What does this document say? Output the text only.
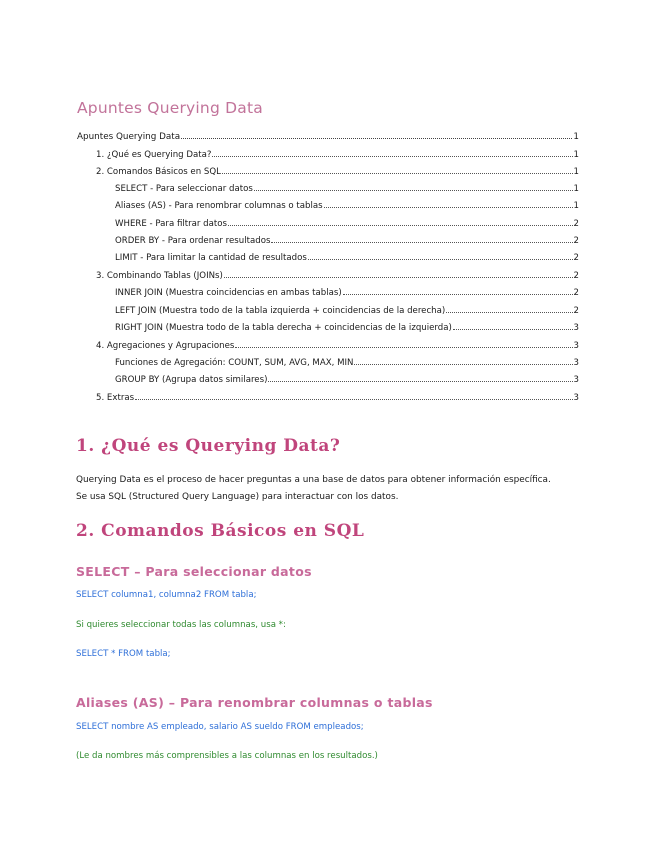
Apuntes Querying Data
Apuntes Querying Data	1
1. ¿Qué es Querying Data?	1
2. Comandos Básicos en SQL	1
SELECT - Para seleccionar datos	1
Aliases (AS) - Para renombrar columnas o tablas	1
WHERE - Para filtrar datos	2
ORDER BY - Para ordenar resultados	2
LIMIT - Para limitar la cantidad de resultados	2
3. Combinando Tablas (JOINs)	2
INNER JOIN (Muestra coincidencias en ambas tablas)	2
LEFT JOIN (Muestra todo de la tabla izquierda + coincidencias de la derecha)	2
RIGHT JOIN (Muestra todo de la tabla derecha + coincidencias de la izquierda)	3
4. Agregaciones y Agrupaciones	3
Funciones de Agregación: COUNT, SUM, AVG, MAX, MIN	3
GROUP BY (Agrupa datos similares)	3
5. Extras	3
1. ¿Qué es Querying Data?

Querying Data es el proceso de hacer preguntas a una base de datos para obtener información específica.

Se usa SQL (Structured Query Language) para interactuar con los datos.

2. Comandos Básicos en SQL
SELECT – Para seleccionar datos

SELECT columna1, columna2 FROM tabla;

Si quieres seleccionar todas las columnas, usa *:

SELECT * FROM tabla;

Aliases (AS) – Para renombrar columnas o tablas

SELECT nombre AS empleado, salario AS sueldo FROM empleados;

(Le da nombres más comprensibles a las columnas en los resultados.)
